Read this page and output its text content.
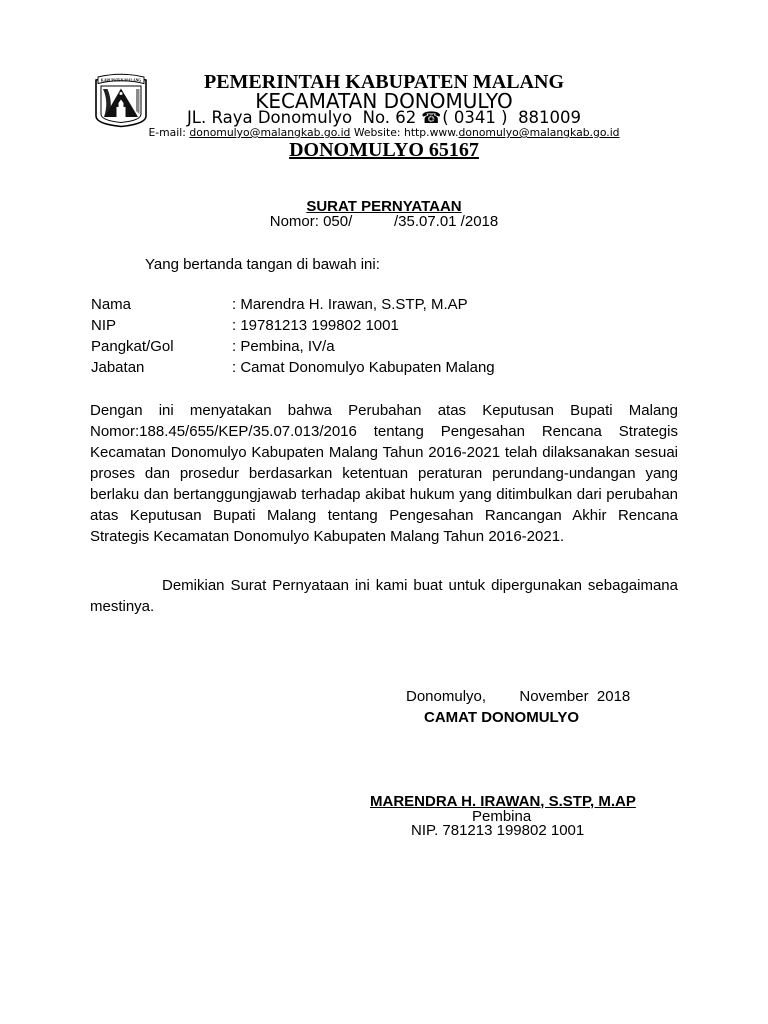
KABUPATEN MALANG	PEMERINTAH KABUPATEN MALANG
KECAMATAN DONOMULYO
JL. Raya Donomulyo  No. 62 ☎( 0341 )  881009
E-mail: donomulyo@malangkab.go.id Website: http.www.donomulyo@malangkab.go.id
DONOMULYO 65167
SURAT PERNYATAAN
Nomor: 050/          /35.07.01 /2018
Yang bertanda tangan di bawah ini:
Nama	: Marendra H. Irawan, S.STP, M.AP
NIP	: 19781213 199802 1001
Pangkat/Gol	: Pembina, IV/a
Jabatan	: Camat Donomulyo Kabupaten Malang
Dengan ini menyatakan bahwa Perubahan atas Keputusan Bupati Malang
Nomor:188.45/655/KEP/35.07.013/2016 tentang Pengesahan Rencana Strategis
Kecamatan Donomulyo Kabupaten Malang Tahun 2016-2021 telah dilaksanakan sesuai
proses dan prosedur berdasarkan ketentuan peraturan perundang-undangan yang
berlaku dan bertanggungjawab terhadap akibat hukum yang ditimbulkan dari perubahan
atas Keputusan Bupati Malang tentang Pengesahan Rancangan Akhir Rencana
Strategis Kecamatan Donomulyo Kabupaten Malang Tahun 2016-2021.
Demikian Surat Pernyataan ini kami buat untuk dipergunakan sebagaimana
mestinya.
Donomulyo,        November  2018
CAMAT DONOMULYO
MARENDRA H. IRAWAN, S.STP, M.AP
Pembina
NIP. 781213 199802 1001
